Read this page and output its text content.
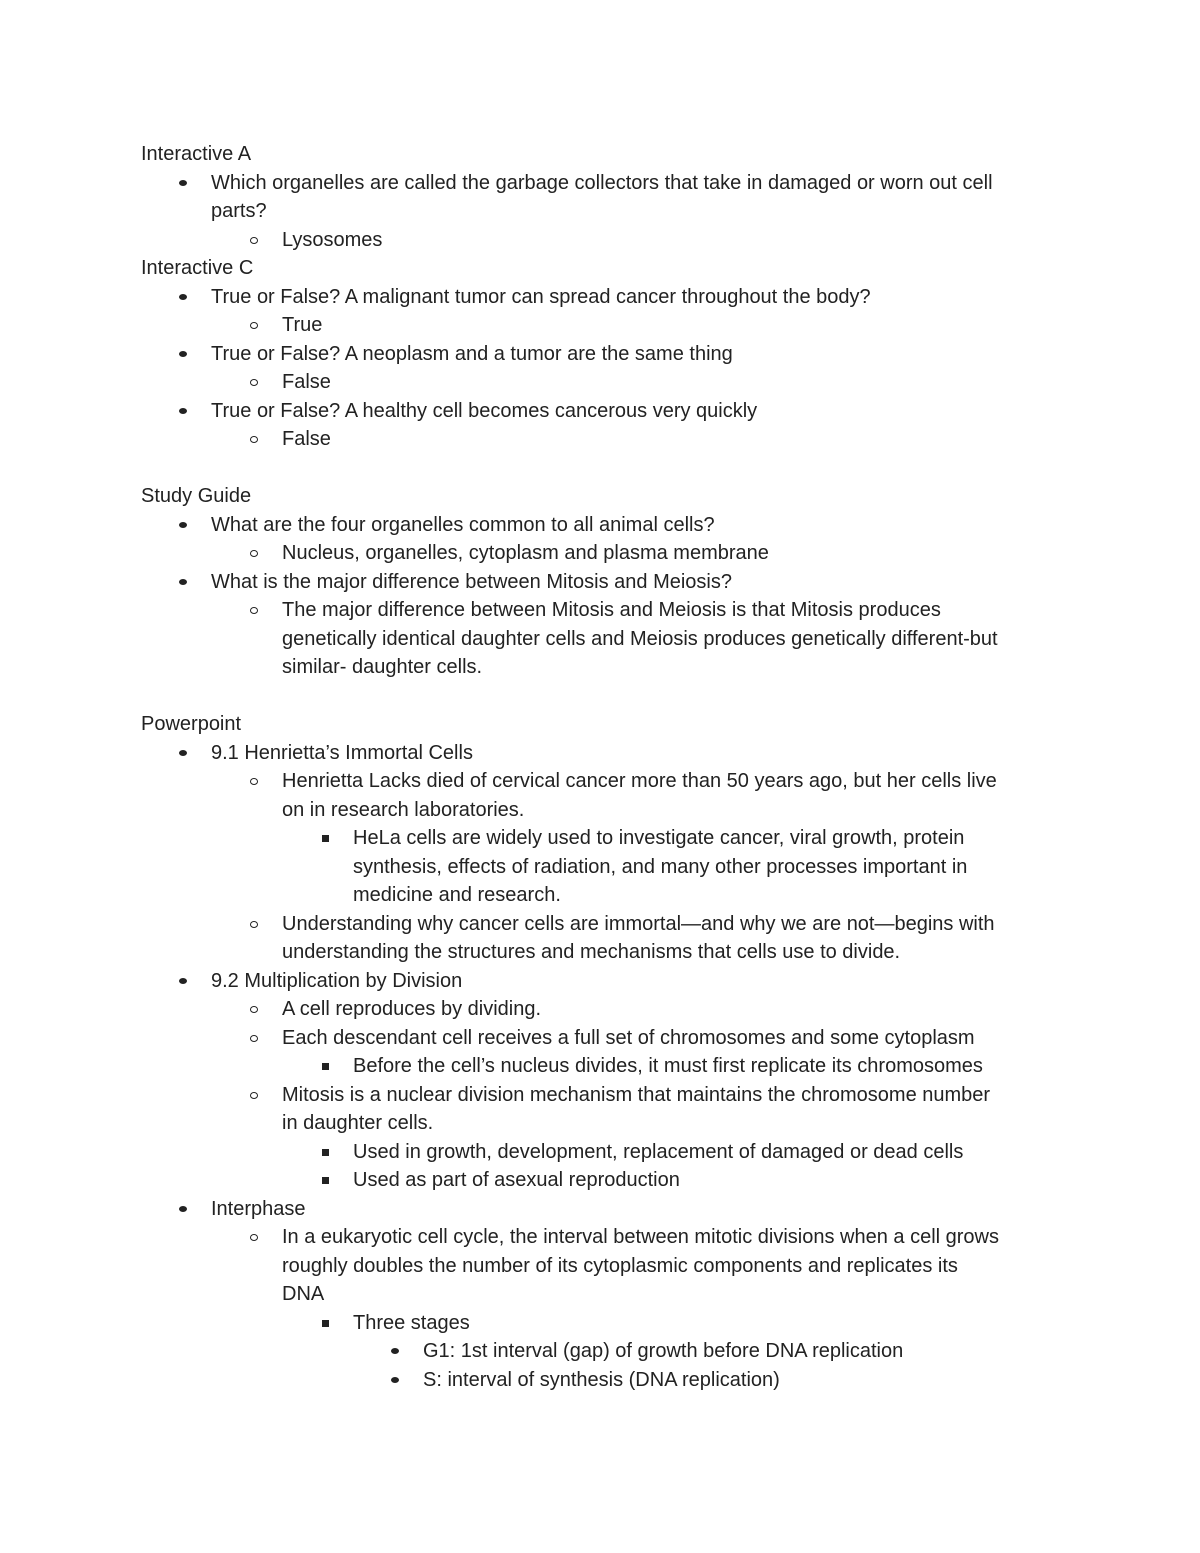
Interactive A

Which organelles are called the garbage collectors that take in damaged or worn out cell

parts?

Lysosomes

Interactive C

True or False? A malignant tumor can spread cancer throughout the body?

True

True or False? A neoplasm and a tumor are the same thing

False

True or False? A healthy cell becomes cancerous very quickly

False

Study Guide

What are the four organelles common to all animal cells?

Nucleus, organelles, cytoplasm and plasma membrane

What is the major difference between Mitosis and Meiosis?

The major difference between Mitosis and Meiosis is that Mitosis produces

genetically identical daughter cells and Meiosis produces genetically different-but

similar- daughter cells.

Powerpoint

9.1 Henrietta’s Immortal Cells

Henrietta Lacks died of cervical cancer more than 50 years ago, but her cells live

on in research laboratories.

HeLa cells are widely used to investigate cancer, viral growth, protein

synthesis, effects of radiation, and many other processes important in

medicine and research.

Understanding why cancer cells are immortal—and why we are not—begins with

understanding the structures and mechanisms that cells use to divide.

9.2 Multiplication by Division

A cell reproduces by dividing.

Each descendant cell receives a full set of chromosomes and some cytoplasm

Before the cell’s nucleus divides, it must first replicate its chromosomes

Mitosis is a nuclear division mechanism that maintains the chromosome number

in daughter cells.

Used in growth, development, replacement of damaged or dead cells

Used as part of asexual reproduction

Interphase

In a eukaryotic cell cycle, the interval between mitotic divisions when a cell grows

roughly doubles the number of its cytoplasmic components and replicates its

DNA

Three stages

G1: 1st interval (gap) of growth before DNA replication

S: interval of synthesis (DNA replication)
